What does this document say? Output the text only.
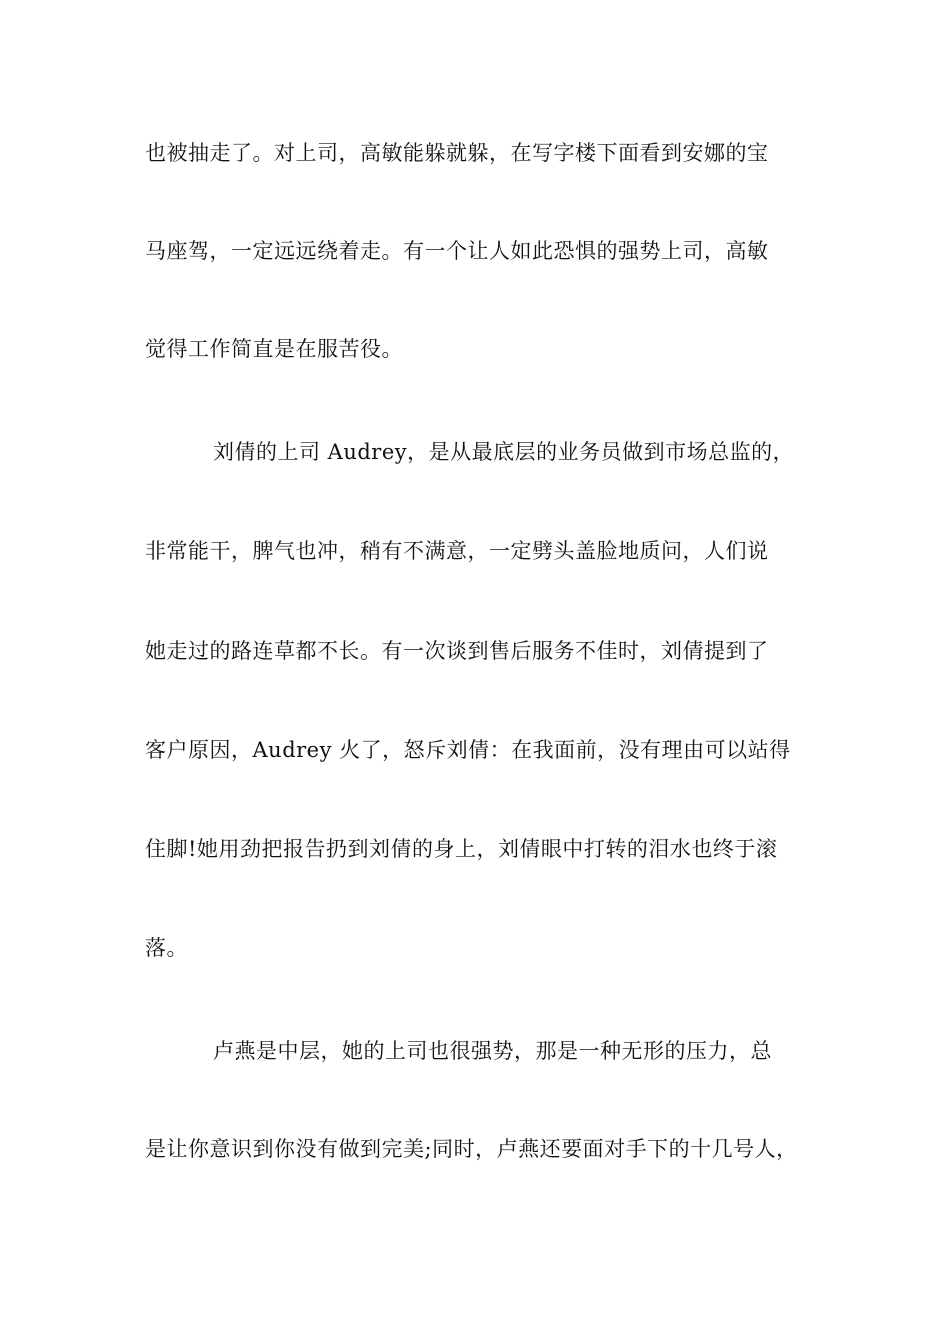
也被抽走了。对上司，高敏能躲就躲，在写字楼下面看到安娜的宝
马座驾，一定远远绕着走。有一个让人如此恐惧的强势上司，高敏
觉得工作简直是在服苦役。
刘倩的上司 Audrey，是从最底层的业务员做到市场总监的，
非常能干，脾气也冲，稍有不满意，一定劈头盖脸地质问，人们说
她走过的路连草都不长。有一次谈到售后服务不佳时，刘倩提到了
客户原因，Audrey 火了，怒斥刘倩：在我面前，没有理由可以站得
住脚!她用劲把报告扔到刘倩的身上，刘倩眼中打转的泪水也终于滚
落。
卢燕是中层，她的上司也很强势，那是一种无形的压力，总
是让你意识到你没有做到完美;同时，卢燕还要面对手下的十几号人，
